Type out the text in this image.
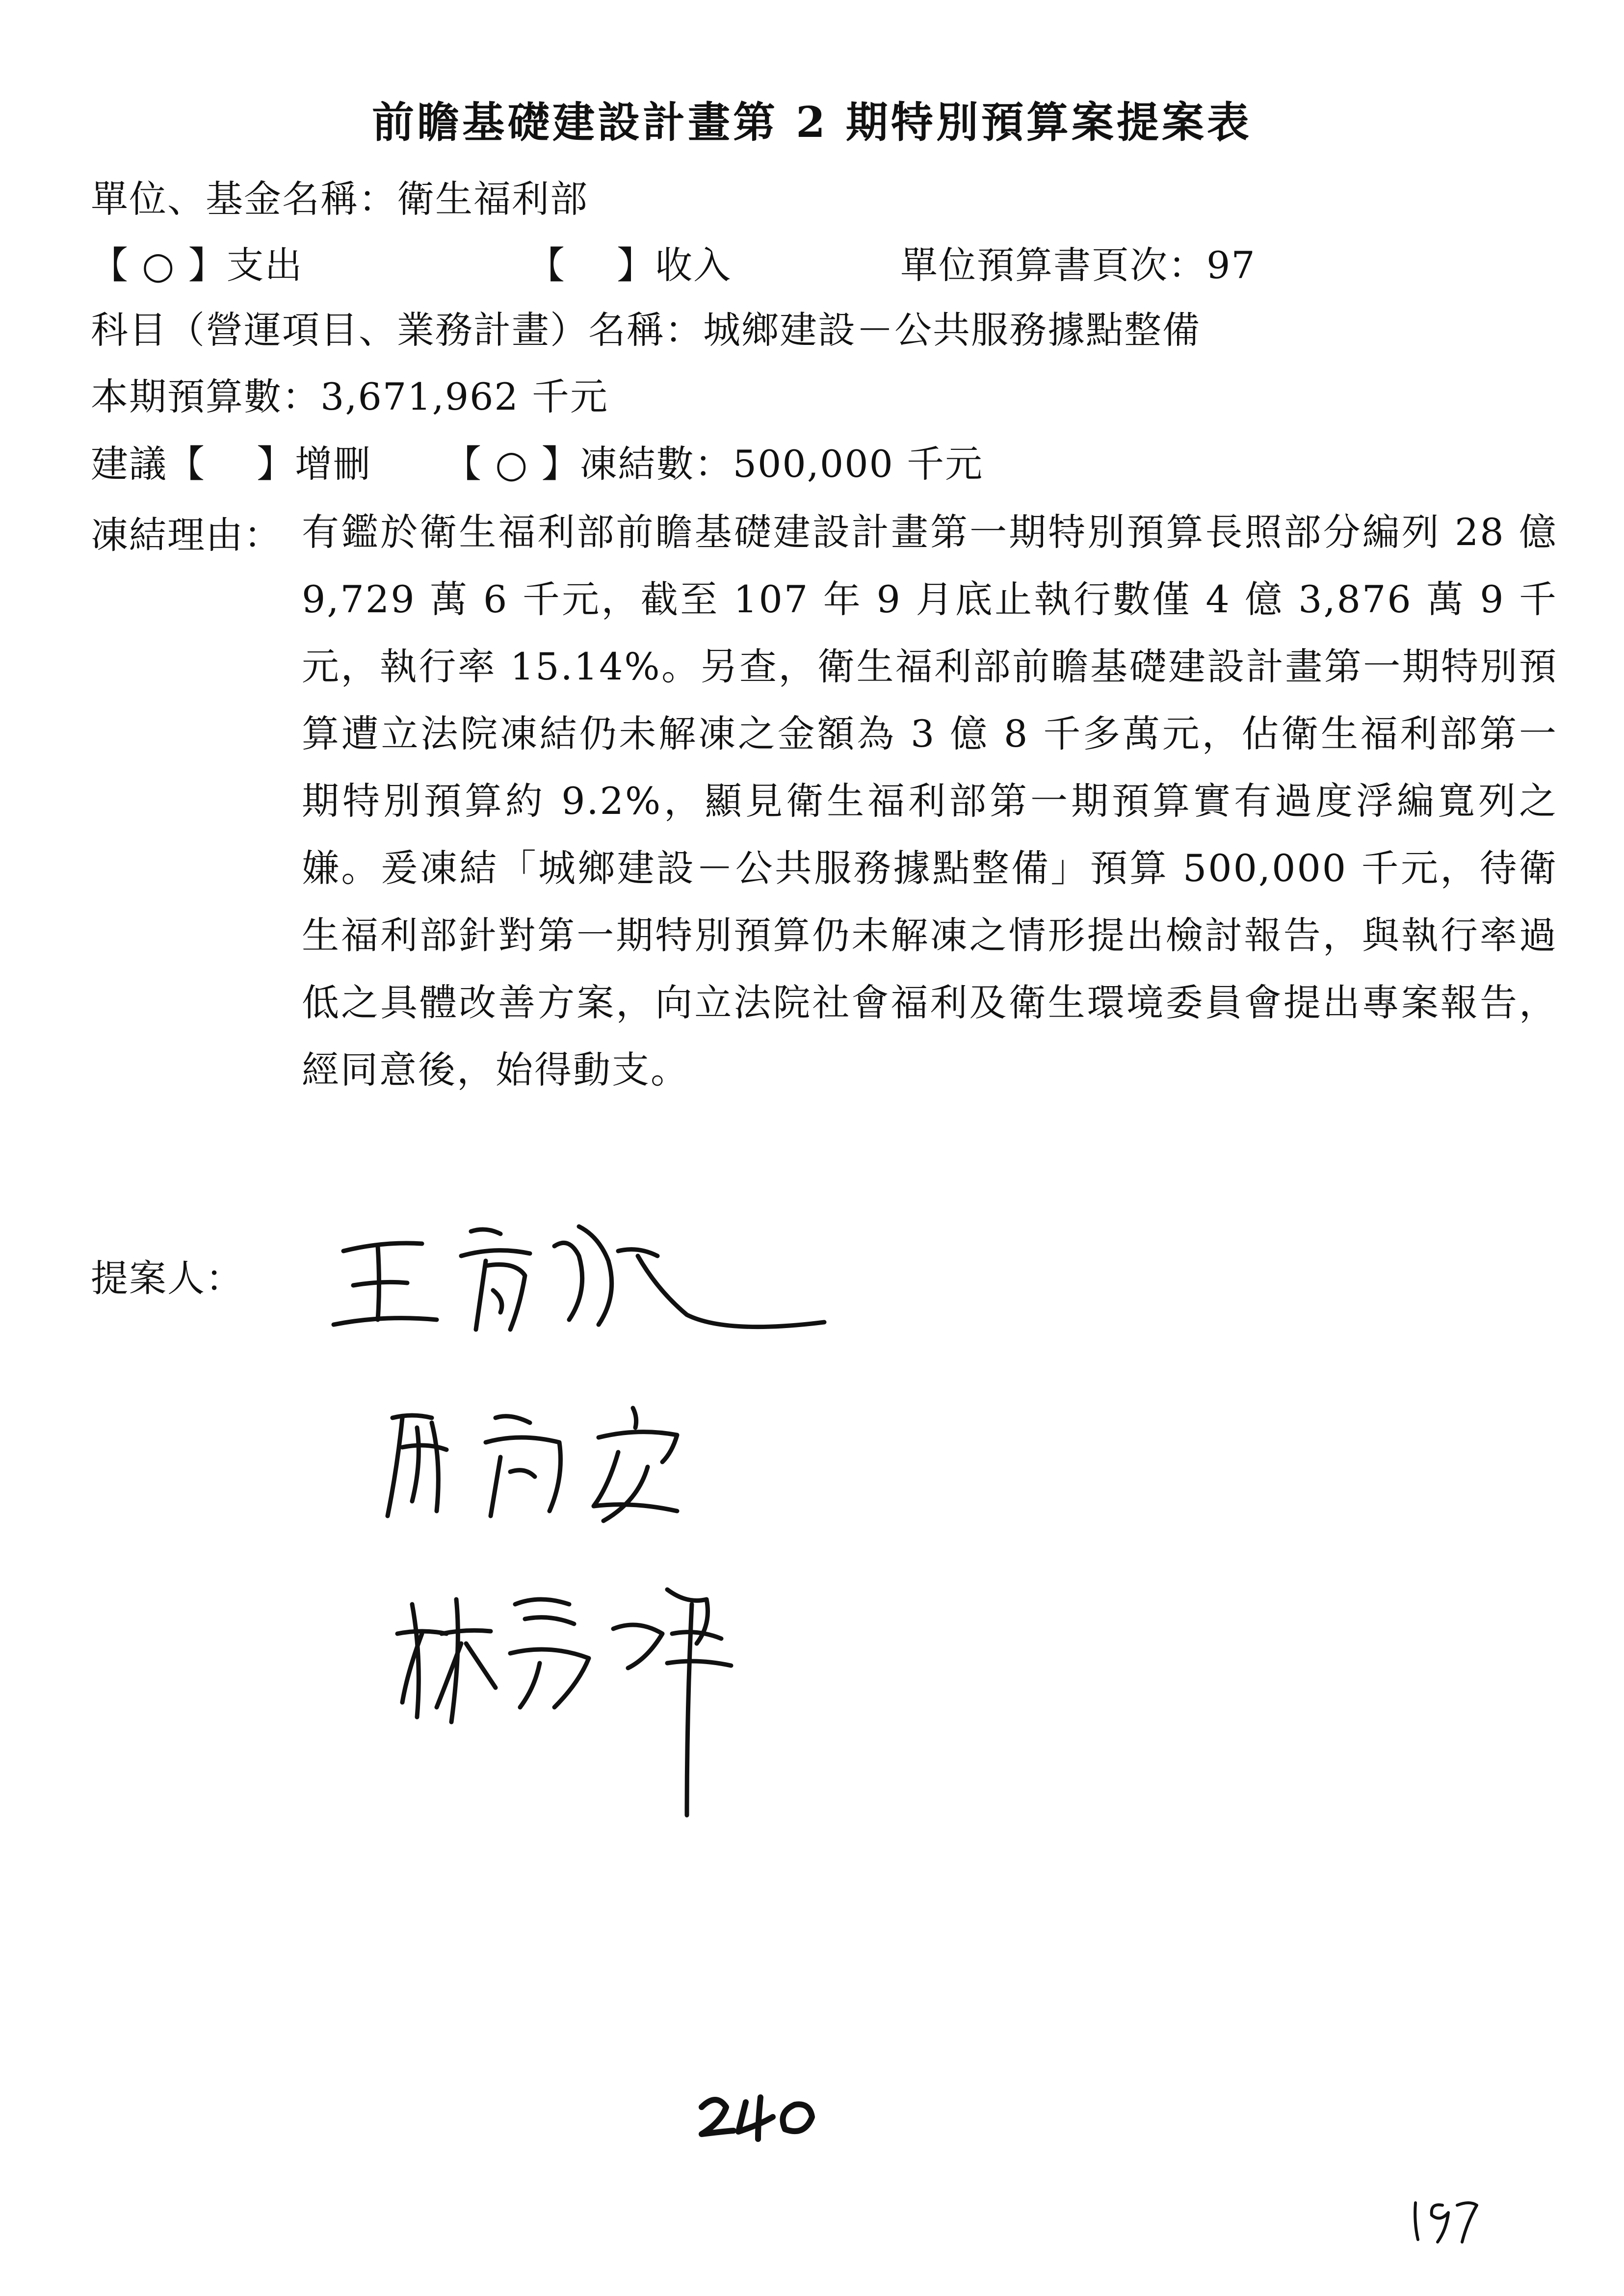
前瞻基礎建設計畫第 2 期特別預算案提案表
單位、基金名稱：衛生福利部
【 ○ 】支出	【　 】收入	單位預算書頁次：97
科目（營運項目、業務計畫）名稱：城鄉建設－公共服務據點整備
本期預算數：3,671,962 千元
建議【　 】增刪 【 ○ 】凍結數：500,000 千元
凍結理由： 有鑑於衛生福利部前瞻基礎建設計畫第一期特別預算長照部分編列 28 億 9,729 萬 6 千元，截至 107 年 9 月底止執行數僅 4 億 3,876 萬 9 千元，執行率 15.14%。另查，衛生福利部前瞻基礎建設計畫第一期特別預算遭立法院凍結仍未解凍之金額為 3 億 8 千多萬元，佔衛生福利部第一期特別預算約 9.2%，顯見衛生福利部第一期預算實有過度浮編寬列之嫌。爰凍結「城鄉建設－公共服務據點整備」預算 500,000 千元，待衛生福利部針對第一期特別預算仍未解凍之情形提出檢討報告，與執行率過低之具體改善方案，向立法院社會福利及衛生環境委員會提出專案報告，經同意後，始得動支。
提案人：
